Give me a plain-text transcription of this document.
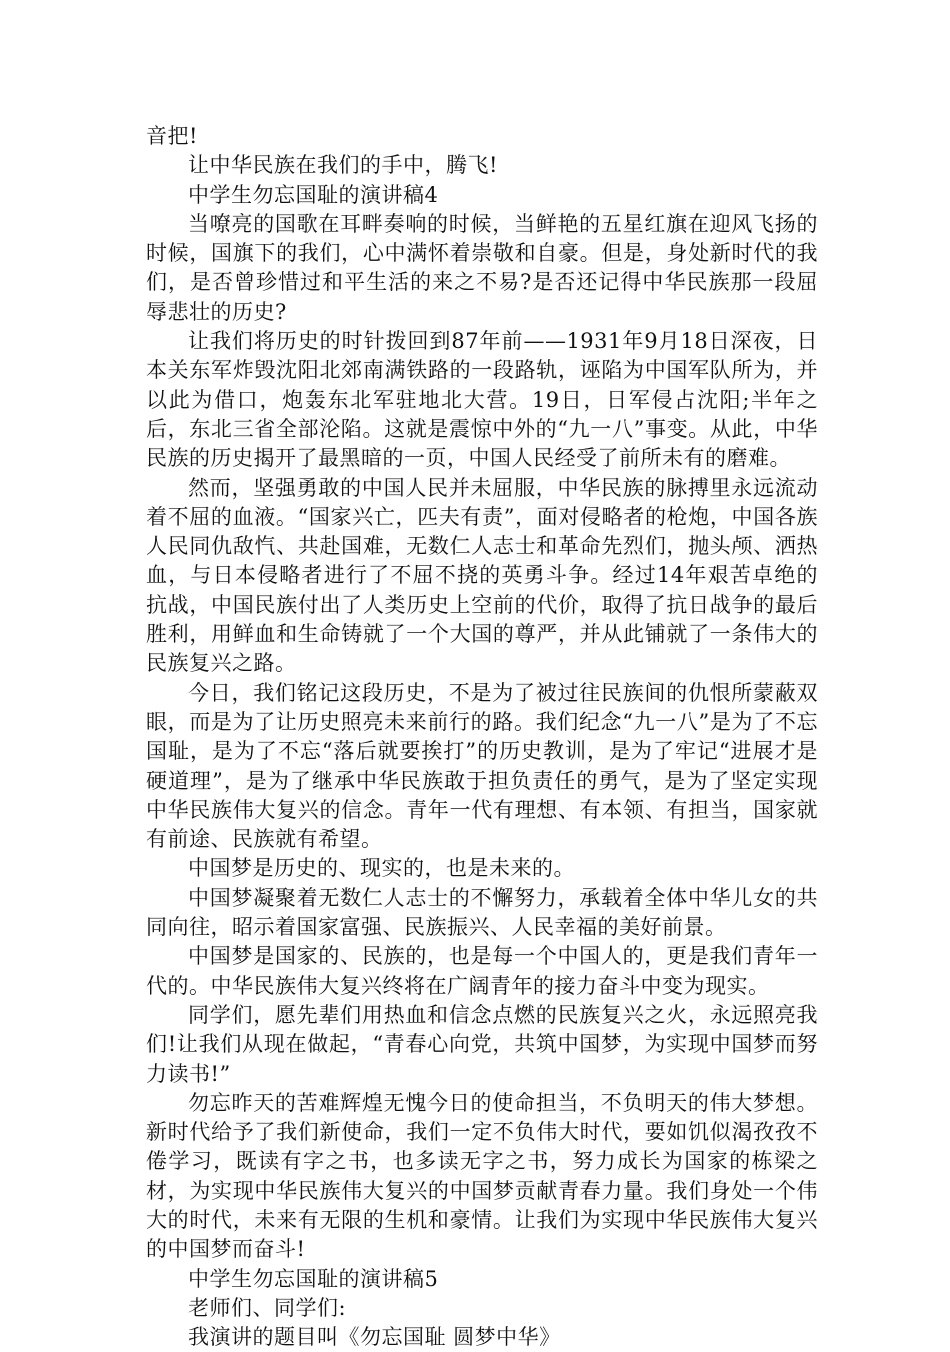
音把!

让中华民族在我们的手中，腾飞!

中学生勿忘国耻的演讲稿4

当嘹亮的国歌在耳畔奏响的时候，当鲜艳的五星红旗在迎风飞扬的时候，国旗下的我们，心中满怀着崇敬和自豪。但是，身处新时代的我们，是否曾珍惜过和平生活的来之不易?是否还记得中华民族那一段屈辱悲壮的历史?

让我们将历史的时针拨回到87年前——1931年9月18日深夜，日本关东军炸毁沈阳北郊南满铁路的一段路轨，诬陷为中国军队所为，并以此为借口，炮轰东北军驻地北大营。19日，日军侵占沈阳;半年之后，东北三省全部沦陷。这就是震惊中外的“九一八”事变。从此，中华民族的历史揭开了最黑暗的一页，中国人民经受了前所未有的磨难。

然而，坚强勇敢的中国人民并未屈服，中华民族的脉搏里永远流动着不屈的血液。“国家兴亡，匹夫有责”，面对侵略者的枪炮，中国各族人民同仇敌忾、共赴国难，无数仁人志士和革命先烈们，抛头颅、洒热血，与日本侵略者进行了不屈不挠的英勇斗争。经过14年艰苦卓绝的抗战，中国民族付出了人类历史上空前的代价，取得了抗日战争的最后胜利，用鲜血和生命铸就了一个大国的尊严，并从此铺就了一条伟大的民族复兴之路。

今日，我们铭记这段历史，不是为了被过往民族间的仇恨所蒙蔽双眼，而是为了让历史照亮未来前行的路。我们纪念“九一八”是为了不忘国耻，是为了不忘“落后就要挨打”的历史教训，是为了牢记“进展才是硬道理”，是为了继承中华民族敢于担负责任的勇气，是为了坚定实现中华民族伟大复兴的信念。青年一代有理想、有本领、有担当，国家就有前途、民族就有希望。

中国梦是历史的、现实的，也是未来的。

中国梦凝聚着无数仁人志士的不懈努力，承载着全体中华儿女的共同向往，昭示着国家富强、民族振兴、人民幸福的美好前景。

中国梦是国家的、民族的，也是每一个中国人的，更是我们青年一代的。中华民族伟大复兴终将在广阔青年的接力奋斗中变为现实。

同学们，愿先辈们用热血和信念点燃的民族复兴之火，永远照亮我们!让我们从现在做起，“青春心向党，共筑中国梦，为实现中国梦而努力读书!”

勿忘昨天的苦难辉煌无愧今日的使命担当，不负明天的伟大梦想。新时代给予了我们新使命，我们一定不负伟大时代，要如饥似渴孜孜不倦学习，既读有字之书，也多读无字之书，努力成长为国家的栋梁之材，为实现中华民族伟大复兴的中国梦贡献青春力量。我们身处一个伟大的时代，未来有无限的生机和豪情。让我们为实现中华民族伟大复兴的中国梦而奋斗!

中学生勿忘国耻的演讲稿5

老师们、同学们:

我演讲的题目叫《勿忘国耻 圆梦中华》
